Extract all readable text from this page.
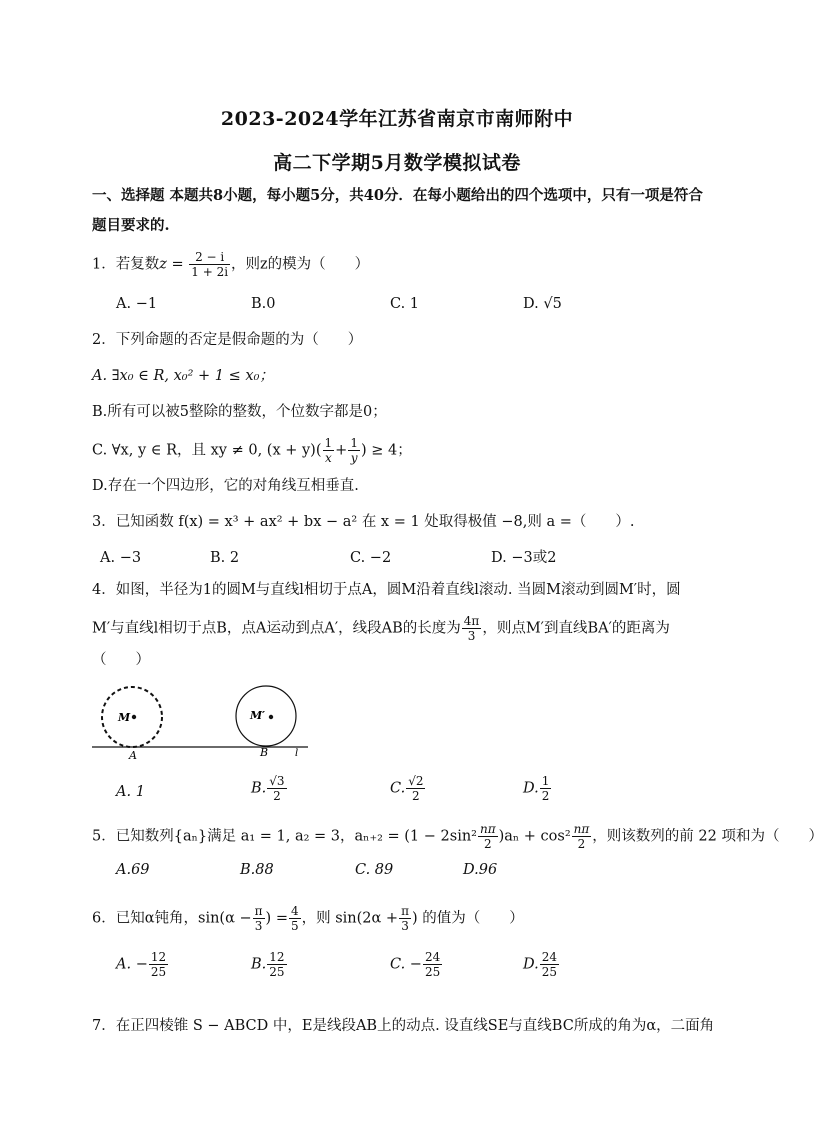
2023-2024学年江苏省南京市南师附中
高二下学期5月数学模拟试卷
一、选择题 本题共8小题，每小题5分，共40分．在每小题给出的四个选项中，只有一项是符合
题目要求的.
1．若复数$z = \frac{2 - i}{1 + 2i}$ ，则z的模为（　　）
A. −1	B.0	C. 1	D. √5
2．下列命题的否定是假命题的为（　　）
A. ∃x₀ ∈ R, x₀² + 1 ≤ x₀；
B.所有可以被5整除的整数，个位数字都是0；
C. ∀x, y ∈ R，且 xy ≠ 0, $(x + y)( \frac{1}{x} + \frac{1}{y}$ ) ≥ 4；
D.存在一个四边形，它的对角线互相垂直.
3．已知函数 f(x) = x³ + ax² + bx − a² 在 x = 1 处取得极值 −8,则 a =（　　）.
A. −3	B. 2	C. −2	D. −3或2
4．如图，半径为1的圆M与直线l相切于点A，圆M沿着直线l滚动. 当圆M滚动到圆M′时，圆
M′与直线l相切于点B，点A运动到点A′，线段AB的长度为 $\frac{4\pi}{3}$ ，则点M′到直线BA′的距离为
（　　）
M	M′
A	B	l
A. 1	B. $\frac{√3}{2}$	C. $\frac{√2}{2}$	D. $\frac{1}{2}$
5．已知数列{aₙ}满足 a₁ = 1, a₂ = 3，$a_{n+2} = (1 - 2\sin^2 \frac{n\pi}{2} )a_n + \cos^2 \frac{n\pi}{2}$ ，则该数列的前 22 项和为（　　）
A.69	B.88	C. 89	D.96
6．已知α钝角，$\sin(\alpha - \frac{\pi}{3}$ ) = $\frac{4}{5}$ ，则 $\sin(2\alpha + \frac{\pi}{3}$ ) 的值为（　　）
A. − $\frac{12}{25}$	B. $\frac{12}{25}$	C. − $\frac{24}{25}$	D. $\frac{24}{25}$
7．在正四棱锥 S − ABCD 中，E是线段AB上的动点. 设直线SE与直线BC所成的角为α，二面角
